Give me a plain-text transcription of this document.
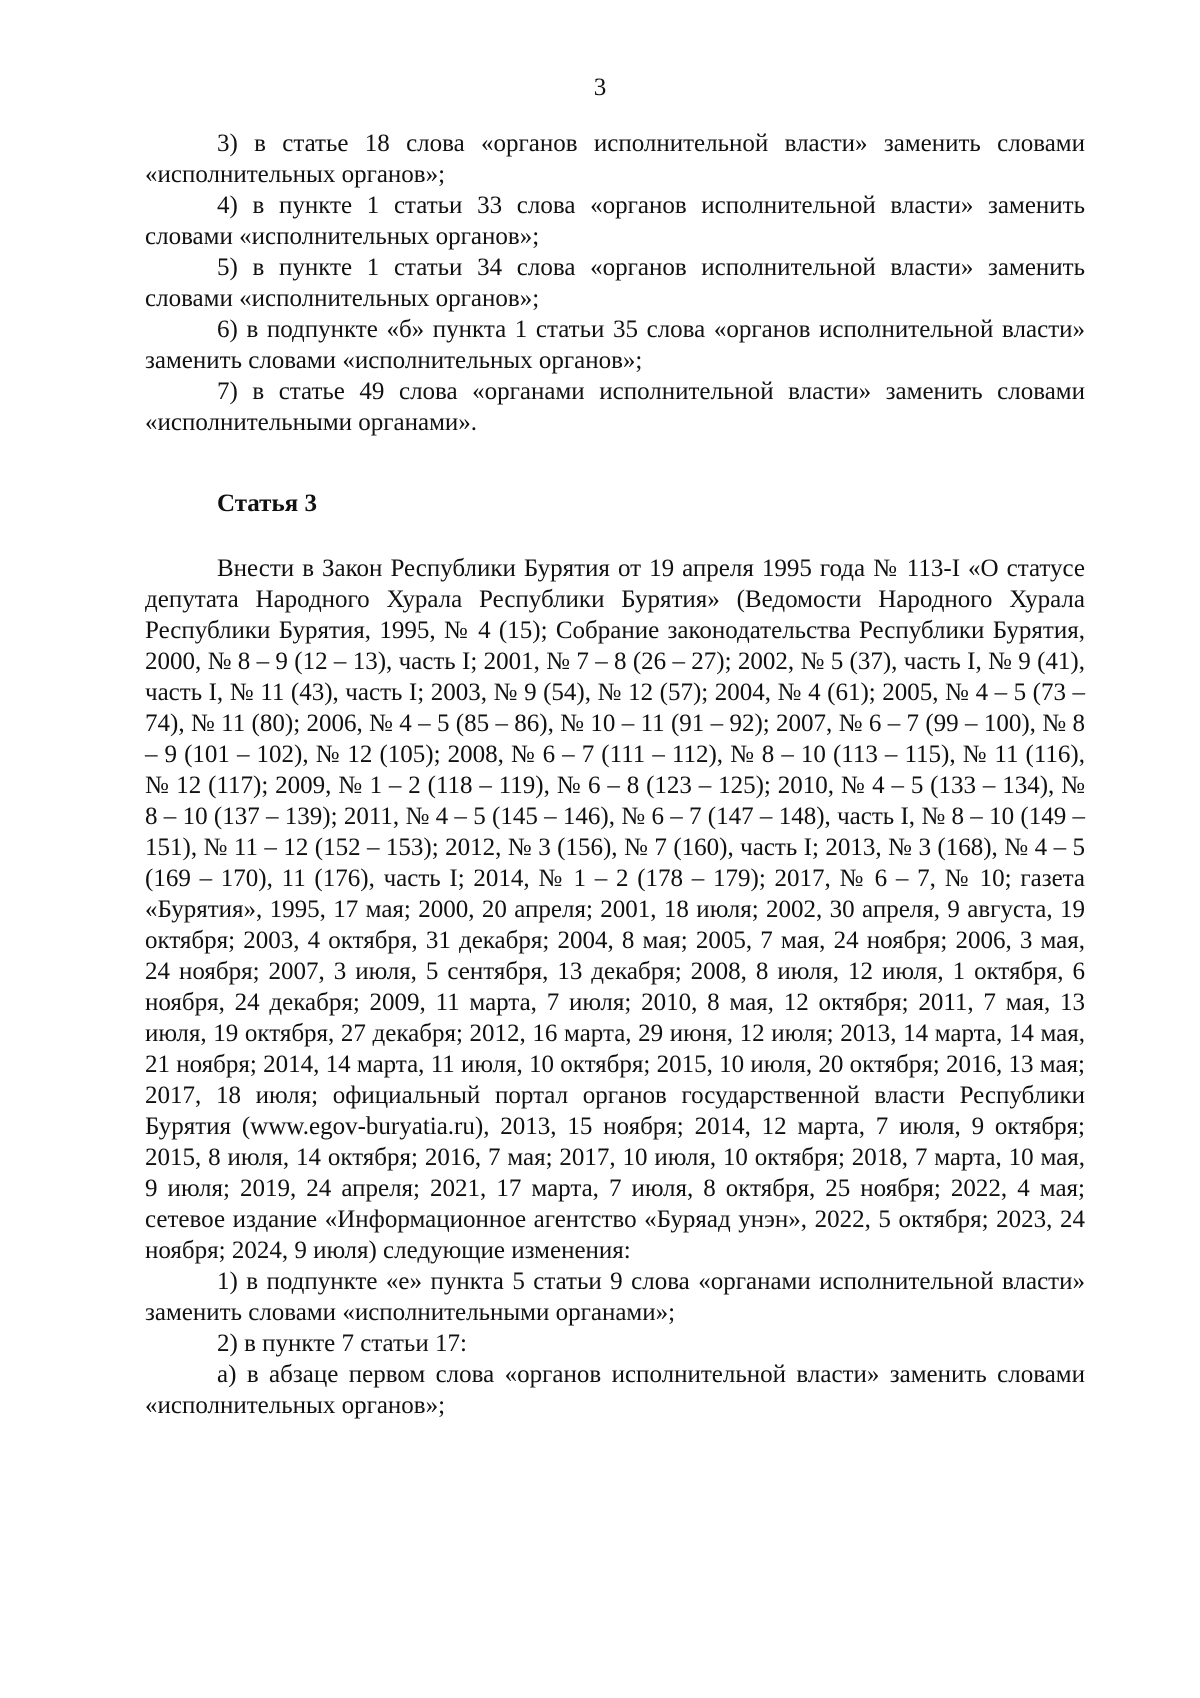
3

3) в статье 18 слова «органов исполнительной власти» заменить словами «исполнительных органов»;

4) в пункте 1 статьи 33 слова «органов исполнительной власти» заменить словами «исполнительных органов»;

5) в пункте 1 статьи 34 слова «органов исполнительной власти» заменить словами «исполнительных органов»;

6) в подпункте «б» пункта 1 статьи 35 слова «органов исполнительной власти» заменить словами «исполнительных органов»;

7) в статье 49 слова «органами исполнительной власти» заменить словами «исполнительными органами».

Статья 3

Внести в Закон Республики Бурятия от 19 апреля 1995 года № 113-I «О статусе депутата Народного Хурала Республики Бурятия» (Ведомости Народного Хурала Республики Бурятия, 1995, № 4 (15); Собрание законодательства Республики Бурятия, 2000, № 8 – 9 (12 – 13), часть I; 2001, № 7 – 8 (26 – 27); 2002, № 5 (37), часть I, № 9 (41), часть I, № 11 (43), часть I; 2003, № 9 (54), № 12 (57); 2004, № 4 (61); 2005, № 4 – 5 (73 – 74), № 11 (80); 2006, № 4 – 5 (85 – 86), № 10 – 11 (91 – 92); 2007, № 6 – 7 (99 – 100), № 8 – 9 (101 – 102), № 12 (105); 2008, № 6 – 7 (111 – 112), № 8 – 10 (113 – 115), № 11 (116), № 12 (117); 2009, № 1 – 2 (118 – 119), № 6 – 8 (123 – 125); 2010, № 4 – 5 (133 – 134), № 8 – 10 (137 – 139); 2011, № 4 – 5 (145 – 146), № 6 – 7 (147 – 148), часть I, № 8 – 10 (149 – 151), № 11 – 12 (152 – 153); 2012, № 3 (156), № 7 (160), часть I; 2013, № 3 (168), № 4 – 5 (169 – 170), 11 (176), часть I; 2014, № 1 – 2 (178 – 179); 2017, № 6 – 7, № 10; газета «Бурятия», 1995, 17 мая; 2000, 20 апреля; 2001, 18 июля; 2002, 30 апреля, 9 августа, 19 октября; 2003, 4 октября, 31 декабря; 2004, 8 мая; 2005, 7 мая, 24 ноября; 2006, 3 мая, 24 ноября; 2007, 3 июля, 5 сентября, 13 декабря; 2008, 8 июля, 12 июля, 1 октября, 6 ноября, 24 декабря; 2009, 11 марта, 7 июля; 2010, 8 мая, 12 октября; 2011, 7 мая, 13 июля, 19 октября, 27 декабря; 2012, 16 марта, 29 июня, 12 июля; 2013, 14 марта, 14 мая, 21 ноября; 2014, 14 марта, 11 июля, 10 октября; 2015, 10 июля, 20 октября; 2016, 13 мая; 2017, 18 июля; официальный портал органов государственной власти Республики Бурятия (www.egov-buryatia.ru), 2013, 15 ноября; 2014, 12 марта, 7 июля, 9 октября; 2015, 8 июля, 14 октября; 2016, 7 мая; 2017, 10 июля, 10 октября; 2018, 7 марта, 10 мая, 9 июля; 2019, 24 апреля; 2021, 17 марта, 7 июля, 8 октября, 25 ноября; 2022, 4 мая; сетевое издание «Информационное агентство «Буряад унэн», 2022, 5 октября; 2023, 24 ноября; 2024, 9 июля) следующие изменения:

1) в подпункте «е» пункта 5 статьи 9 слова «органами исполнительной власти» заменить словами «исполнительными органами»;

2) в пункте 7 статьи 17:

а) в абзаце первом слова «органов исполнительной власти» заменить словами «исполнительных органов»;
